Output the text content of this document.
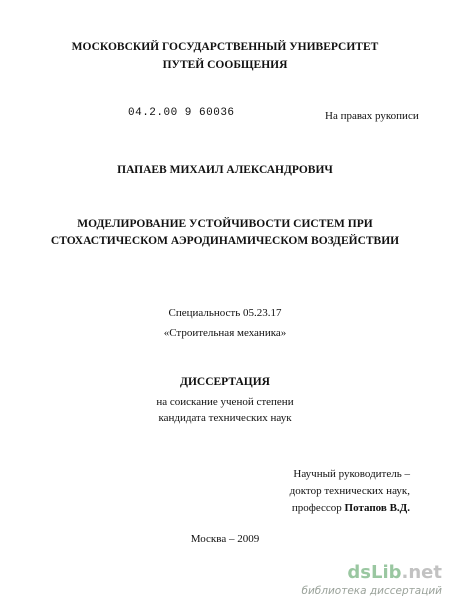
МОСКОВСКИЙ ГОСУДАРСТВЕННЫЙ УНИВЕРСИТЕТ
ПУТЕЙ СООБЩЕНИЯ
04.2.00 9 60036	На правах рукописи
ПАПАЕВ МИХАИЛ АЛЕКСАНДРОВИЧ
МОДЕЛИРОВАНИЕ УСТОЙЧИВОСТИ СИСТЕМ ПРИ
СТОХАСТИЧЕСКОМ АЭРОДИНАМИЧЕСКОМ ВОЗДЕЙСТВИИ
Специальность 05.23.17
«Строительная механика»
ДИССЕРТАЦИЯ
на соискание ученой степени
кандидата технических наук
Научный руководитель –
доктор технических наук,
профессор Потапов В.Д.
Москва – 2009
dsLib.net
библиотека диссертаций
